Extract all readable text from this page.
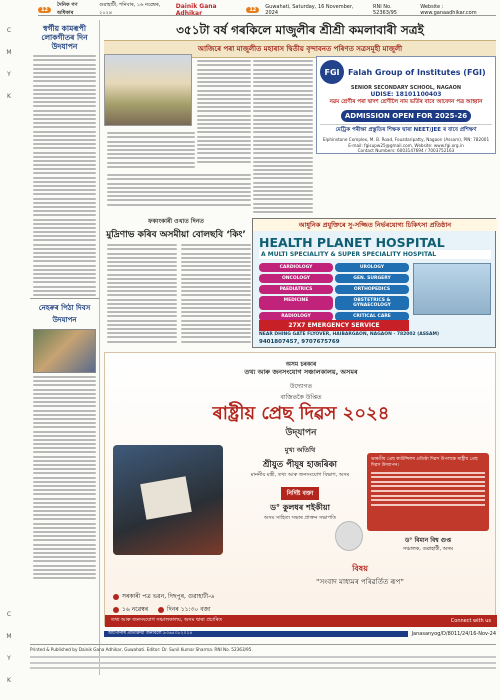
12
দৈনিক গণ অধিকাৰ
গুৱাহাটী, শনিবাৰ, ১৬ নৱেম্বৰ, ২০২৪
Dainik Gana Adhikar	12	Guwahati, Saturday, 16 November, 2024
RNI No. 52363/95
Website : www.ganaadhikar.com
C
M
Y
K
C
M
Y
K
স্বৰ্গীয় কামৰূপী লোকগীতৰ দিন উদযাপন
নেহৰুৰ পিঠা দিবস উদযাপন
৩৫১টা বৰ্ষ গৰকিলে মাজুলীৰ শ্ৰীশ্ৰী কমলাবাৰী সত্ৰই
আজিৰে পৰা মাজুলীত মহাৰাস দ্বিতীয় বৃন্দাবনত পৰিণত সত্ৰসমূহী মাজুলী
FGI	Falah Group of Institutes (FGI)
SENIOR SECONDARY SCHOOL, NAGAON
UDISE: 18101100403
নৱম শ্ৰেণীৰ পৰা দ্বাদশ শ্ৰেণীলৈ নাম ভৰ্তিৰ বাবে আবেদন পত্ৰ আহ্বান
ADMISSION OPEN FOR 2025-26
মেট্ৰিক পৰীক্ষা প্ৰস্তুতিৰ শিক্ষক দ্বাৰা NEET/JEE ৰ বাবে প্ৰশিক্ষণ
Elphinstone Complex, M. B. Road, Fouzdaripatty, Nagaon (Assam), PIN: 782001
E-mail: fgisupw25@gmail.com, Website: www.fgi.org.in
Contact Numbers: 6003147694 / 7003752163
ফকাংকাৰী ওখাত দিনত
মুদ্ৰিণাভ কৰিব অসমীয়া বোলছবি ‘কিং’
আধুনিক প্ৰযুক্তিৰে সু-সজ্জিত নিৰ্ভৰযোগ্য চিকিৎসা প্ৰতিষ্ঠান
HEALTH PLANET HOSPITAL
A MULTI SPECIALITY & SUPER SPECIALITY HOSPITAL
CARDIOLOGY	UROLOGY
ONCOLOGY	GEN. SURGERY
PAEDIATRICS	ORTHOPEDICS
MEDICINE	OBSTETRICS & GYNAECOLOGY
RADIOLOGY	CRITICAL CARE
27X7 EMERGENCY SERVICE
NEAR DHING GATE FLYOVER, HAIBARGAON, NAGAON - 782002 (ASSAM)
9401807457, 9707675769
অসম চৰকাৰ
তথ্য আৰু জনসংযোগ সঞ্চালকালয়, অসমৰ
উদ্যোগত
বাজিতকৈ উপ্তিত
ৰাষ্ট্ৰীয় প্ৰেছ দিৱস ২০২৪
উদ্‌যাপন
মুখ্য অতিথি
শ্ৰীযুত পীযূষ হাজৰিকা
মাননীয় মন্ত্ৰী, তথ্য আৰু জনসংযোগ বিভাগ, অসম
নিৰ্দিষ্ট বক্তা
ড° কুলধৰ শইকীয়া
অসম সাহিত্য সভাৰ প্ৰাক্তন সভাপতি
ভাৰতীয় প্ৰেছ কাউন্সিলৰ প্ৰতিষ্ঠা দিৱস উপলক্ষে ৰাষ্ট্ৰীয় প্ৰেছ দিৱস উদযাপন।
ড° বিমান বিশ্ব গুপ্ত
সঞ্চালক, গুৱাহাটী, অসম
বিষয়
“সংবাদ মাধ্যমৰ পৰিৱৰ্তিত ৰূপ”
সৰকাৰী পত্ৰ ভৱন, দিছপুৰ, গুৱাহাটী-৬
১৬ নৱেম্বৰ
	দিনৰ ১১:৩০ বজা
তথ্য আৰু জনসংযোগ সঞ্চালকালয়, অসম দ্বাৰা প্ৰচাৰিত	Connect with us
আপোনাৰ প্ৰতিক্ৰিয়া জনাবলৈ ৯৩৬৫০৮২০২৪	Janasanyog/D/8011/24/16-Nov-24
Printed & Published by Dainik Gana Adhikar, Guwahati. Editor: Dr. Sunil Kumar Sharma. RNI No. 52363/95.
